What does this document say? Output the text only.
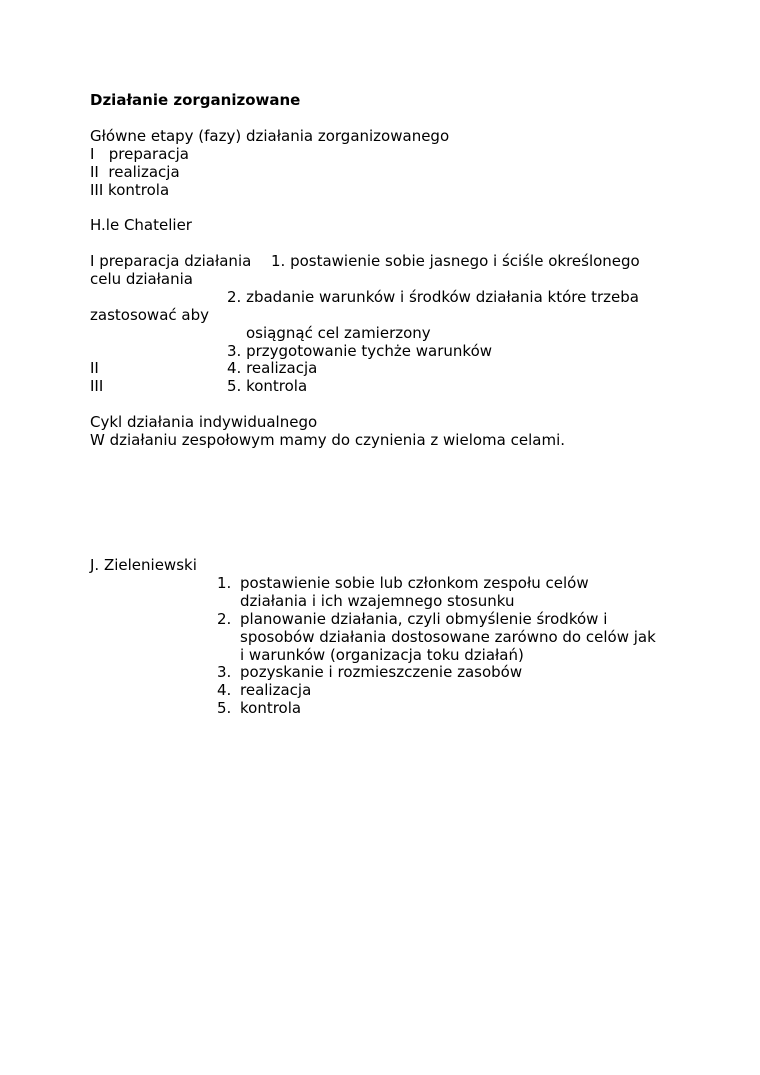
Działanie zorganizowane
Główne etapy (fazy) działania zorganizowanego
I   preparacja
II  realizacja
III kontrola
H.le Chatelier
I preparacja działania 1. postawienie sobie jasnego i ściśle określonego
celu działania
2. zbadanie warunków i środków działania które trzeba
zastosować aby
osiągnąć cel zamierzony
3. przygotowanie tychże warunków
II	4. realizacja
III	5. kontrola
Cykl działania indywidualnego
W działaniu zespołowym mamy do czynienia z wieloma celami.
J. Zieleniewski
1. postawienie sobie lub członkom zespołu celów
działania i ich wzajemnego stosunku
2. planowanie działania, czyli obmyślenie środków i
sposobów działania dostosowane zarówno do celów jak
i warunków (organizacja toku działań)
3. pozyskanie i rozmieszczenie zasobów
4. realizacja
5. kontrola
